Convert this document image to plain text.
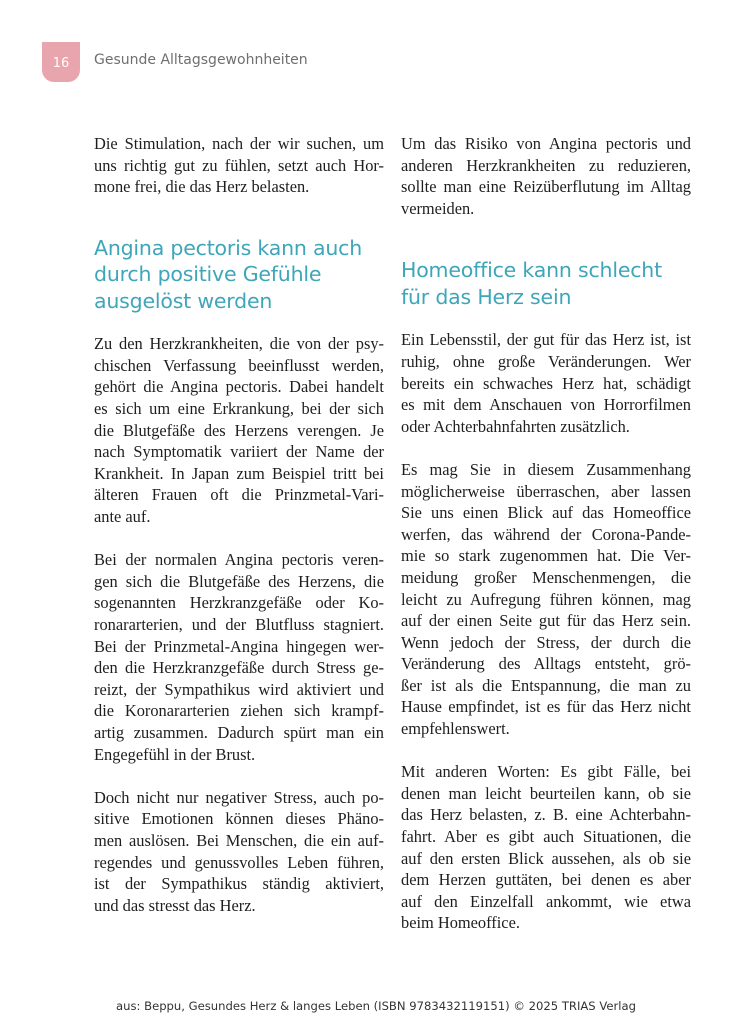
16	Gesunde Alltagsgewohnheiten
Die Stimulation, nach der wir suchen, um
uns richtig gut zu fühlen, setzt auch Hor-
mone frei, die das Herz belasten.
Angina pectoris kann auch
durch positive Gefühle
ausgelöst werden
Zu den Herzkrankheiten, die von der psy-
chischen Verfassung beeinflusst werden,
gehört die Angina pectoris. Dabei handelt
es sich um eine Erkrankung, bei der sich
die Blutgefäße des Herzens verengen. Je
nach Symptomatik variiert der Name der
Krankheit. In Japan zum Beispiel tritt bei
älteren Frauen oft die Prinzmetal-Vari-
ante auf.
Bei der normalen Angina pectoris veren-
gen sich die Blutgefäße des Herzens, die
sogenannten Herzkranzgefäße oder Ko-
ronararterien, und der Blutfluss stagniert.
Bei der Prinzmetal-Angina hingegen wer-
den die Herzkranzgefäße durch Stress ge-
reizt, der Sympathikus wird aktiviert und
die Koronararterien ziehen sich krampf-
artig zusammen. Dadurch spürt man ein
Engegefühl in der Brust.
Doch nicht nur negativer Stress, auch po-
sitive Emotionen können dieses Phäno-
men auslösen. Bei Menschen, die ein auf-
regendes und genussvolles Leben führen,
ist der Sympathikus ständig aktiviert,
und das stresst das Herz.
Um das Risiko von Angina pectoris und
anderen Herzkrankheiten zu reduzieren,
sollte man eine Reizüberflutung im Alltag
vermeiden.
Homeoffice kann schlecht
für das Herz sein
Ein Lebensstil, der gut für das Herz ist, ist
ruhig, ohne große Veränderungen. Wer
bereits ein schwaches Herz hat, schädigt
es mit dem Anschauen von Horrorfilmen
oder Achterbahnfahrten zusätzlich.
Es mag Sie in diesem Zusammenhang
möglicherweise überraschen, aber lassen
Sie uns einen Blick auf das Homeoffice
werfen, das während der Corona-Pande-
mie so stark zugenommen hat. Die Ver-
meidung großer Menschenmengen, die
leicht zu Aufregung führen können, mag
auf der einen Seite gut für das Herz sein.
Wenn jedoch der Stress, der durch die
Veränderung des Alltags entsteht, grö-
ßer ist als die Entspannung, die man zu
Hause empfindet, ist es für das Herz nicht
empfehlenswert.
Mit anderen Worten: Es gibt Fälle, bei
denen man leicht beurteilen kann, ob sie
das Herz belasten, z. B. eine Achterbahn-
fahrt. Aber es gibt auch Situationen, die
auf den ersten Blick aussehen, als ob sie
dem Herzen guttäten, bei denen es aber
auf den Einzelfall ankommt, wie etwa
beim Homeoffice.
aus: Beppu, Gesundes Herz & langes Leben (ISBN 9783432119151) © 2025 TRIAS Verlag
